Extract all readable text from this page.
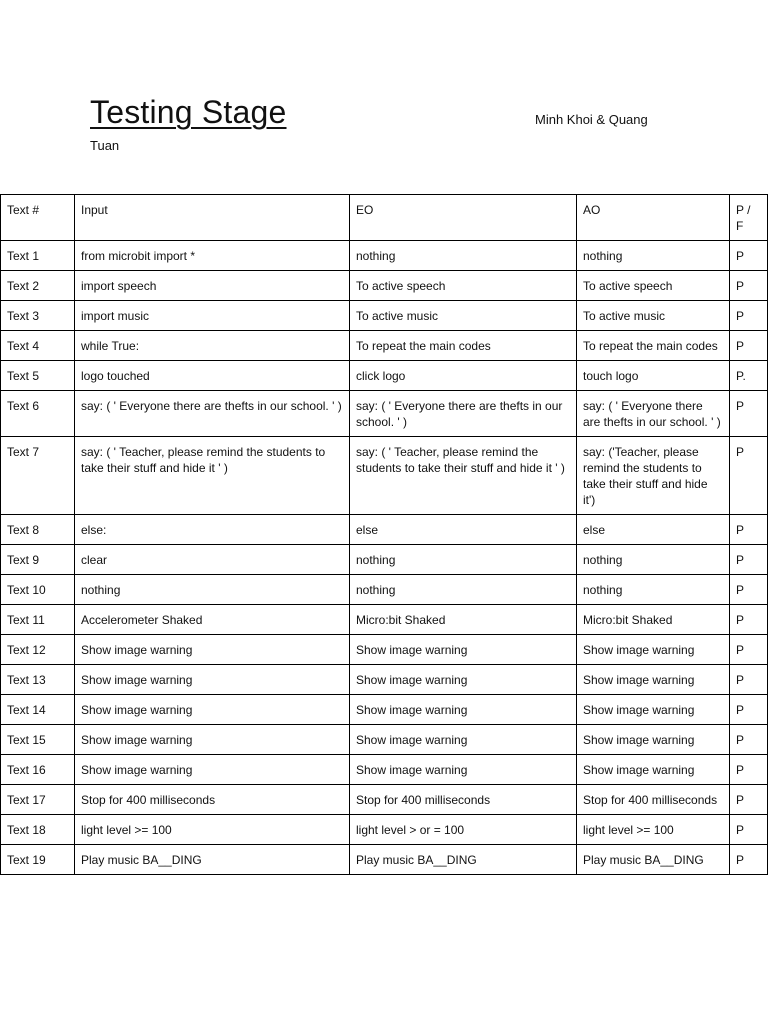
Testing Stage	Minh Khoi & Quang
Tuan
Text #	Input	EO	AO	P / F
Text 1	from microbit import *	nothing	nothing	P
Text 2	import speech	To active speech	To active speech	P
Text 3	import music	To active music	To active music	P
Text 4	while True:	To repeat the main codes	To repeat the main codes	P
Text 5	logo touched	click logo	touch logo	P.
Text 6	say: ( ' Everyone there are thefts in our school. ' )	say: ( ' Everyone there are thefts in our school. ' )	say: ( ' Everyone there are thefts in our school. ' )	P
Text 7	say: ( ' Teacher, please remind the students to take their stuff and hide it ' )	say: ( ' Teacher, please remind the students to take their stuff and hide it ' )	say: ('Teacher, please remind the students to take their stuff and hide it')	P
Text 8	else:	else	else	P
Text 9	clear	nothing	nothing	P
Text 10	nothing	nothing	nothing	P
Text 11	Accelerometer Shaked	Micro:bit Shaked	Micro:bit Shaked	P
Text 12	Show image warning	Show image warning	Show image warning	P
Text 13	Show image warning	Show image warning	Show image warning	P
Text 14	Show image warning	Show image warning	Show image warning	P
Text 15	Show image warning	Show image warning	Show image warning	P
Text 16	Show image warning	Show image warning	Show image warning	P
Text 17	Stop for 400 milliseconds	Stop for 400 milliseconds	Stop for 400 milliseconds	P
Text 18	light level >= 100	light level > or = 100	light level >= 100	P
Text 19	Play music BA__DING	Play music BA__DING	Play music BA__DING	P
